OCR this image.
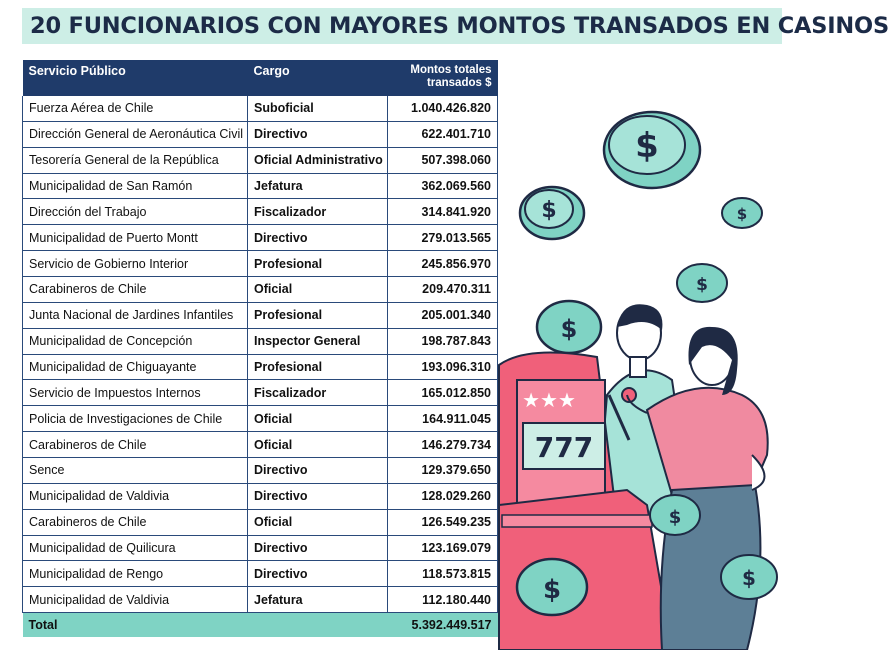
20 FUNCIONARIOS CON MAYORES MONTOS TRANSADOS EN CASINOS
Servicio Público	Cargo	Montos totales transados $
Fuerza Aérea de Chile	Suboficial	1.040.426.820
Dirección General de Aeronáutica Civil	Directivo	622.401.710
Tesorería General de la República	Oficial Administrativo	507.398.060
Municipalidad de San Ramón	Jefatura	362.069.560
Dirección del Trabajo	Fiscalizador	314.841.920
Municipalidad de Puerto Montt	Directivo	279.013.565
Servicio de Gobierno Interior	Profesional	245.856.970
Carabineros de Chile	Oficial	209.470.311
Junta Nacional de Jardines Infantiles	Profesional	205.001.340
Municipalidad de Concepción	Inspector General	198.787.843
Municipalidad de Chiguayante	Profesional	193.096.310
Servicio de Impuestos Internos	Fiscalizador	165.012.850
Policia de Investigaciones de Chile	Oficial	164.911.045
Carabineros de Chile	Oficial	146.279.734
Sence	Directivo	129.379.650
Municipalidad de Valdivia	Directivo	128.029.260
Carabineros de Chile	Oficial	126.549.235
Municipalidad de Quilicura	Directivo	123.169.079
Municipalidad de Rengo	Directivo	118.573.815
Municipalidad de Valdivia	Jefatura	112.180.440
Total		5.392.449.517
$
$	$
$
$
★★★
777
$
$	$
